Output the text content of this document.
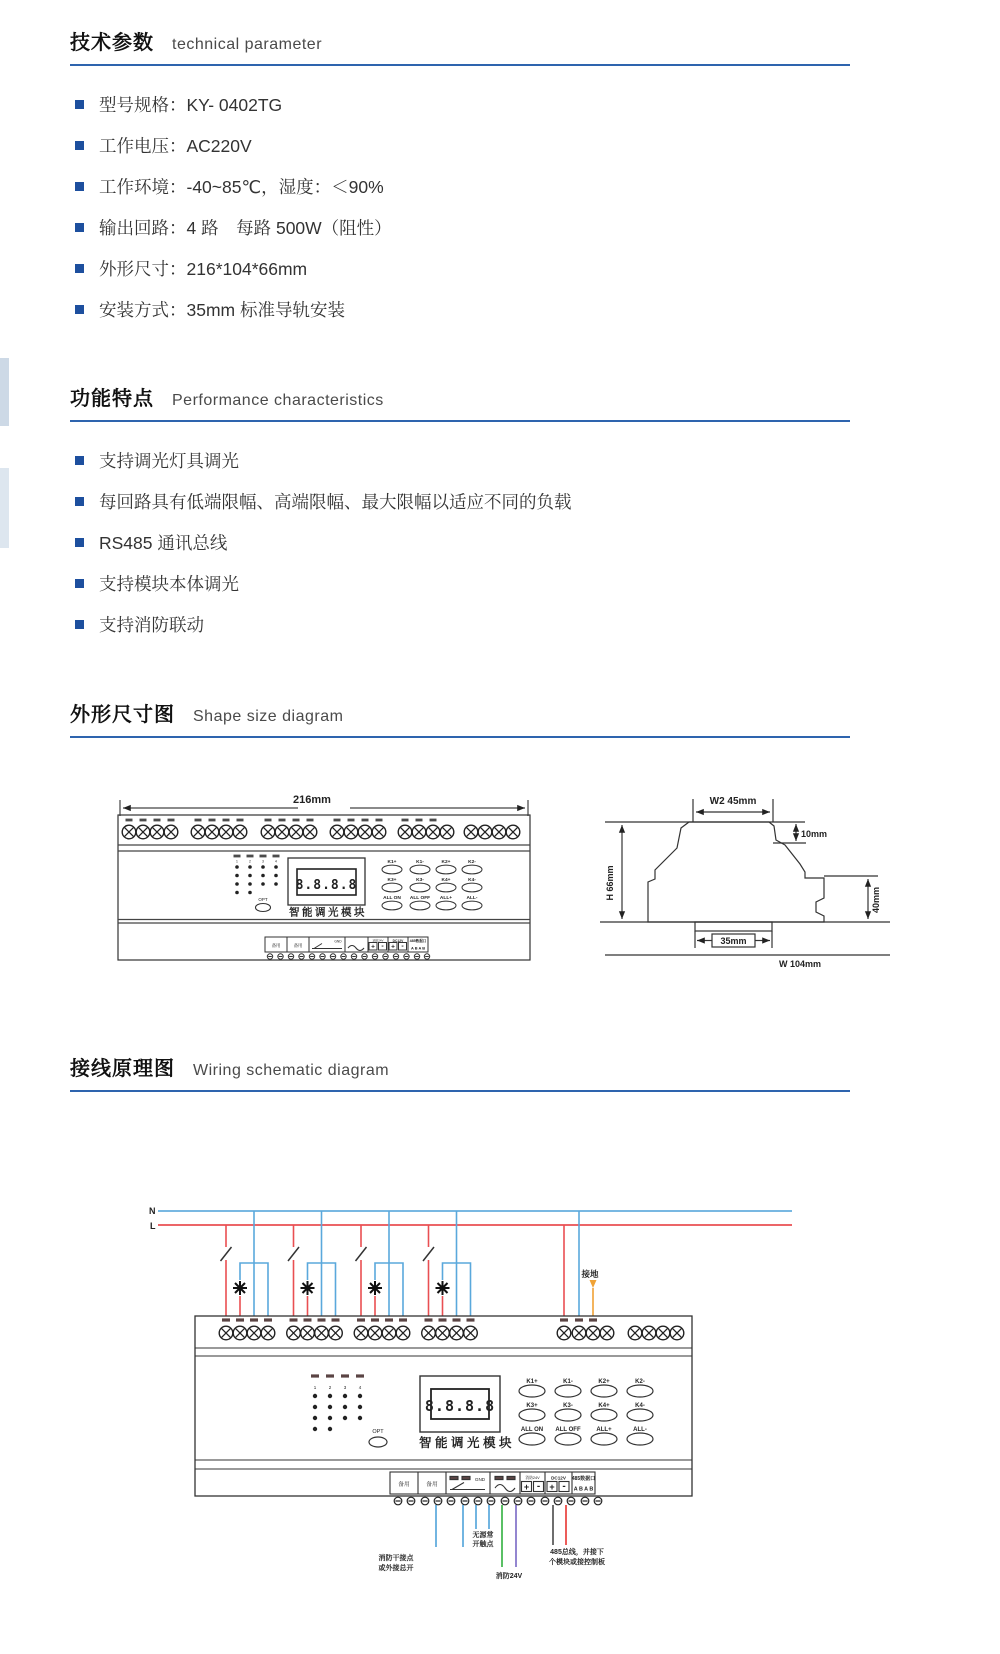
技术参数 technical parameter
型号规格：KY- 0402TG
工作电压：AC220V
工作环境：-40~85℃，湿度：＜90%
输出回路：4 路　每路 500W（阻性）
外形尺寸：216*104*66mm
安装方式：35mm 标准导轨安装
功能特点 Performance characteristics
支持调光灯具调光
每回路具有低端限幅、高端限幅、最大限幅以适应不同的负载
RS485 通讯总线
支持模块本体调光
支持消防联动
外形尺寸图 Shape size diagram
216mm
1	2	3	4
OPT
8.8.8.8
智能调光模块
K1+	K1-	K2+	K2-
K3+	K3-	K4+	K4-
ALL ON ALL OFF ALL+	ALL-
备用	备用
GND	消防24V
+ -
DC12V
+ -
485数据口
A B A B
W2 45mm
10mm
H 66mm	40mm
35mm
W 104mm
接线原理图 Wiring schematic diagram
N
L
接地
1	2	3	4
OPT
8.8.8.8
智能调光模块
K1+	K1-	K2+	K2-
K3+	K3-	K4+	K4-
ALL ON ALL OFF	ALL+	ALL-
备用	备用
GND	消防24V
+ -
DC12V
+ -
485数据口
A B A B
无源常
开触点
消防干接点
或外接总开
消防24V
485总线，并接下
个模块或接控制板
